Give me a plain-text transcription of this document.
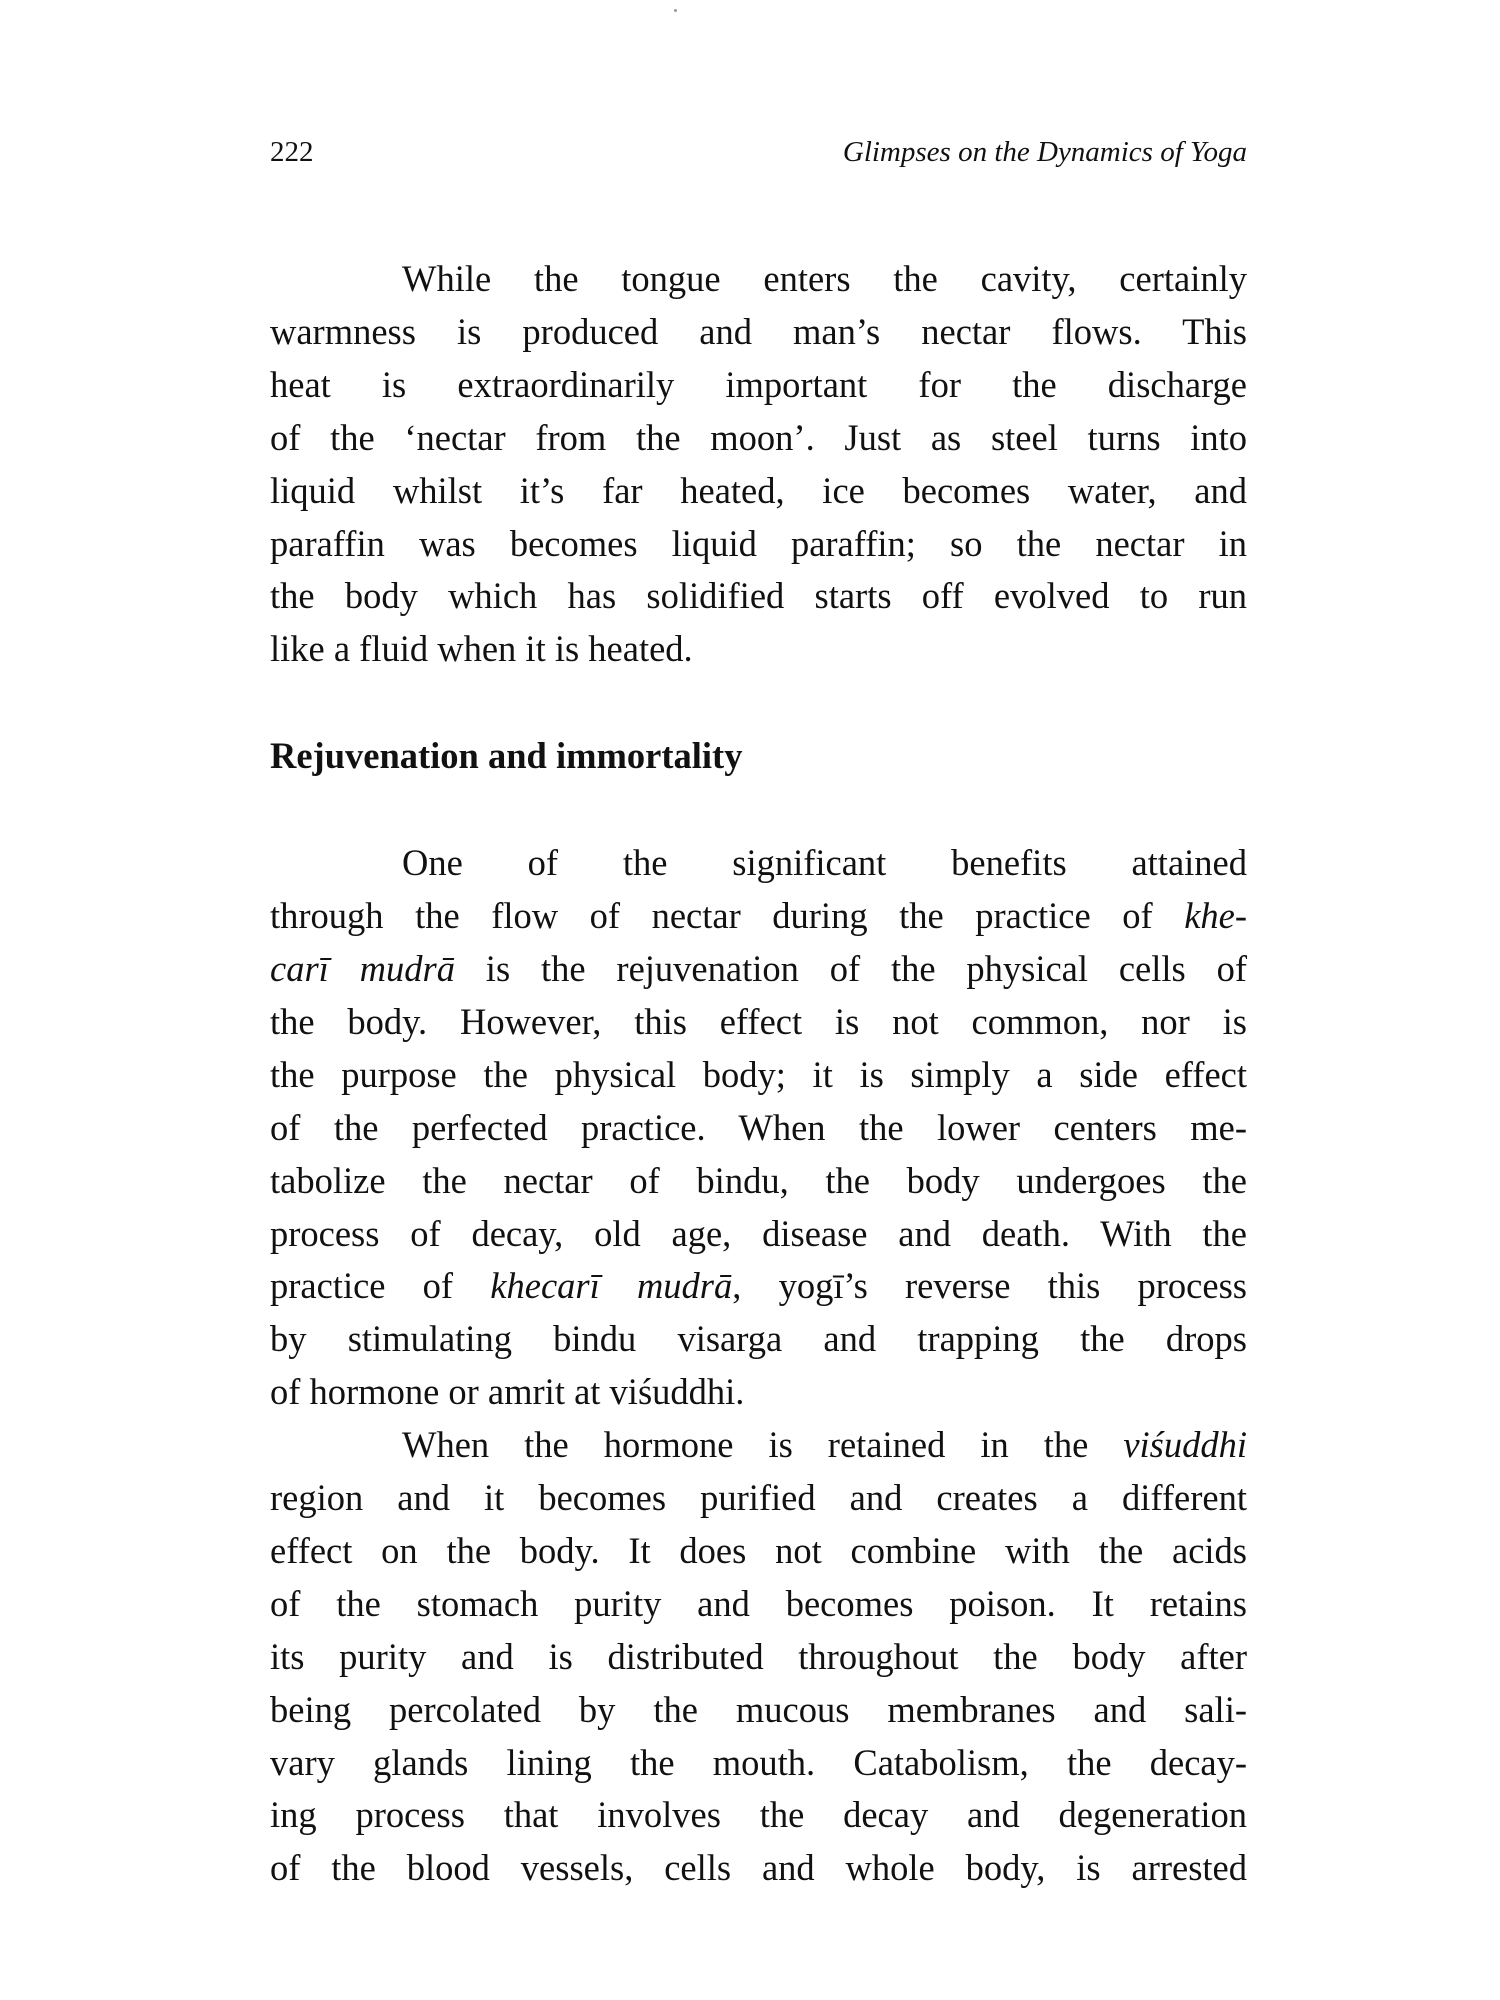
222	Glimpses on the Dynamics of Yoga
While the tongue enters the cavity, certainly
warmness is produced and man’s nectar flows. This
heat is extraordinarily important for the discharge
of the ‘nectar from the moon’. Just as steel turns into
liquid whilst it’s far heated, ice becomes water, and
paraffin was becomes liquid paraffin; so the nectar in
the body which has solidified starts off evolved to run
like a fluid when it is heated.
Rejuvenation and immortality
One of the significant benefits attained
through the flow of nectar during the practice of khe-
carī mudrā is the rejuvenation of the physical cells of
the body. However, this effect is not common, nor is
the purpose the physical body; it is simply a side effect
of the perfected practice. When the lower centers me-
tabolize the nectar of bindu, the body undergoes the
process of decay, old age, disease and death. With the
practice of khecarī mudrā, yogī’s reverse this process
by stimulating bindu visarga and trapping the drops
of hormone or amrit at viśuddhi.
When the hormone is retained in the viśuddhi
region and it becomes purified and creates a different
effect on the body. It does not combine with the acids
of the stomach purity and becomes poison. It retains
its purity and is distributed throughout the body after
being percolated by the mucous membranes and sali-
vary glands lining the mouth. Catabolism, the decay-
ing process that involves the decay and degeneration
of the blood vessels, cells and whole body, is arrested
